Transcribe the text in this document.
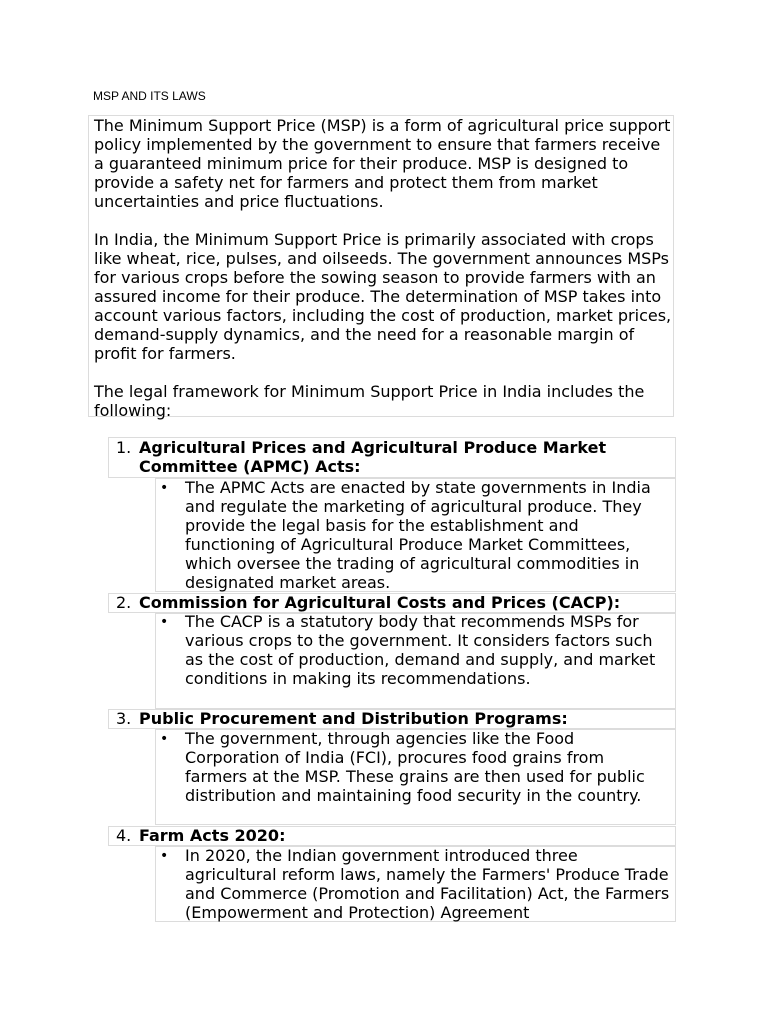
MSP AND ITS LAWS

The Minimum Support Price (MSP) is a form of agricultural price support policy implemented by the government to ensure that farmers receive a guaranteed minimum price for their produce. MSP is designed to provide a safety net for farmers and protect them from market uncertainties and price fluctuations.

In India, the Minimum Support Price is primarily associated with crops like wheat, rice, pulses, and oilseeds. The government announces MSPs for various crops before the sowing season to provide farmers with an assured income for their produce. The determination of MSP takes into account various factors, including the cost of production, market prices, demand-supply dynamics, and the need for a reasonable margin of profit for farmers.

The legal framework for Minimum Support Price in India includes the following:

1. Agricultural Prices and Agricultural Produce Market Committee (APMC) Acts:
• The APMC Acts are enacted by state governments in India and regulate the marketing of agricultural produce. They provide the legal basis for the establishment and functioning of Agricultural Produce Market Committees, which oversee the trading of agricultural commodities in designated market areas.
2. Commission for Agricultural Costs and Prices (CACP):
• The CACP is a statutory body that recommends MSPs for various crops to the government. It considers factors such as the cost of production, demand and supply, and market conditions in making its recommendations.
3. Public Procurement and Distribution Programs:
• The government, through agencies like the Food Corporation of India (FCI), procures food grains from farmers at the MSP. These grains are then used for public distribution and maintaining food security in the country.
4. Farm Acts 2020:
• In 2020, the Indian government introduced three agricultural reform laws, namely the Farmers' Produce Trade and Commerce (Promotion and Facilitation) Act, the Farmers (Empowerment and Protection) Agreement
